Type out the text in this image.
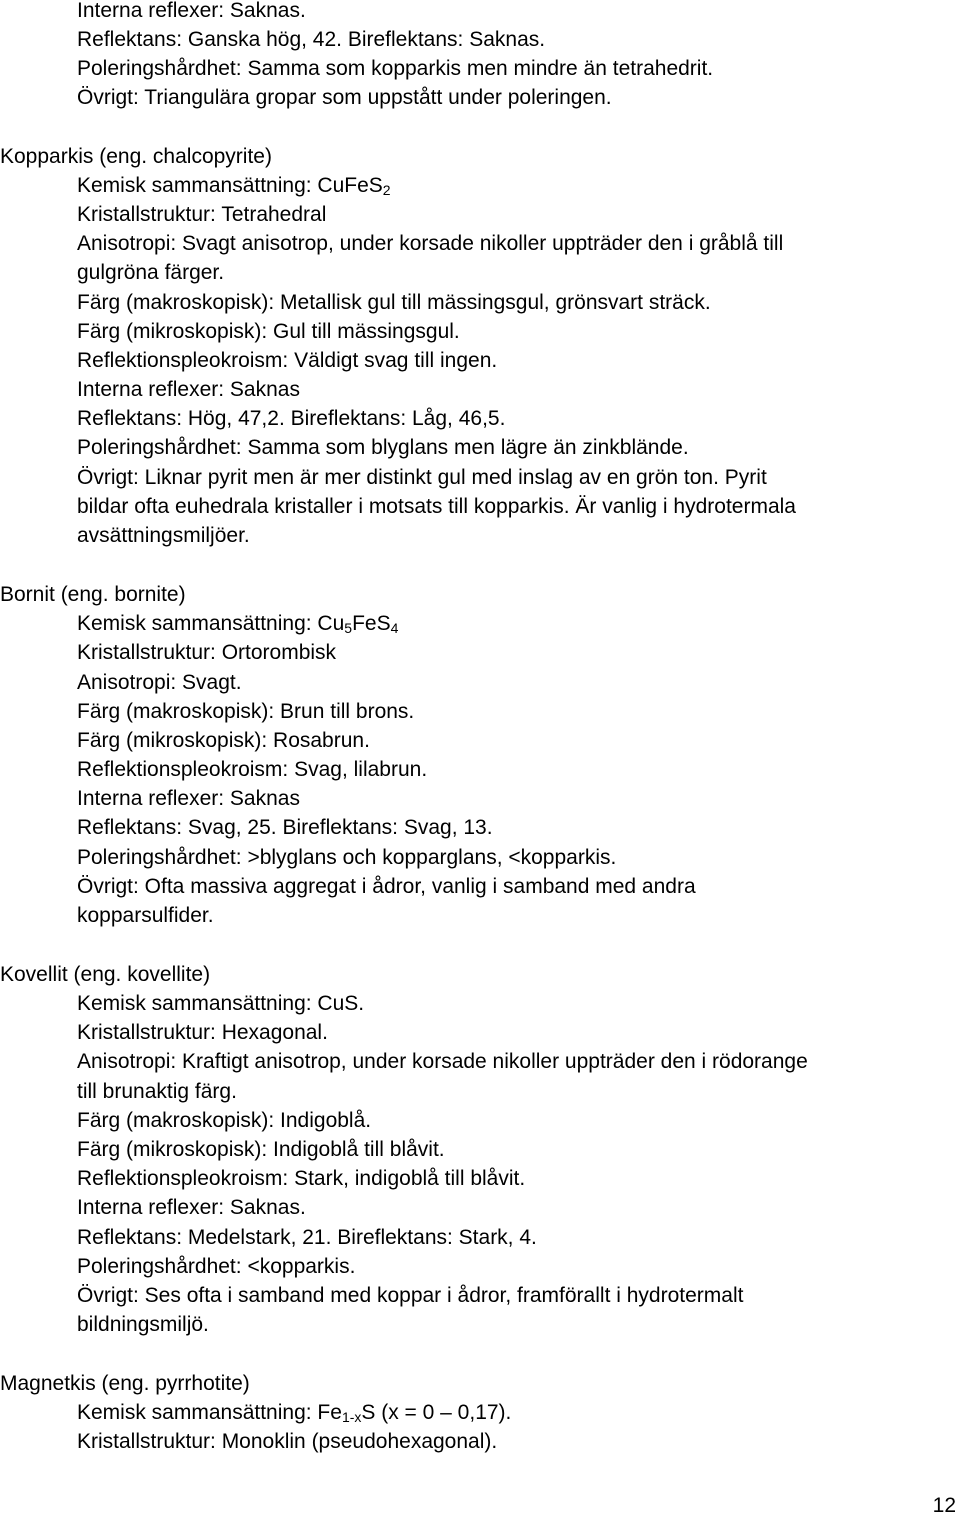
Interna reflexer: Saknas.
Reflektans: Ganska hög, 42. Bireflektans: Saknas.
Poleringshårdhet: Samma som kopparkis men mindre än tetrahedrit.
Övrigt: Triangulära gropar som uppstått under poleringen.
Kopparkis (eng. chalcopyrite)
Kemisk sammansättning: CuFeS$_2$
Kristallstruktur: Tetrahedral
Anisotropi: Svagt anisotrop, under korsade nikoller uppträder den i gråblå till
gulgröna färger.
Färg (makroskopisk): Metallisk gul till mässingsgul, grönsvart sträck.
Färg (mikroskopisk): Gul till mässingsgul.
Reflektionspleokroism: Väldigt svag till ingen.
Interna reflexer: Saknas
Reflektans: Hög, 47,2. Bireflektans: Låg, 46,5.
Poleringshårdhet: Samma som blyglans men lägre än zinkblände.
Övrigt: Liknar pyrit men är mer distinkt gul med inslag av en grön ton. Pyrit
bildar ofta euhedrala kristaller i motsats till kopparkis. Är vanlig i hydrotermala
avsättningsmiljöer.
Bornit (eng. bornite)
Kemisk sammansättning: $Cu_5FeS_4$
Kristallstruktur: Ortorombisk
Anisotropi: Svagt.
Färg (makroskopisk): Brun till brons.
Färg (mikroskopisk): Rosabrun.
Reflektionspleokroism: Svag, lilabrun.
Interna reflexer: Saknas
Reflektans: Svag, 25. Bireflektans: Svag, 13.
Poleringshårdhet: >blyglans och kopparglans, <kopparkis.
Övrigt: Ofta massiva aggregat i ådror, vanlig i samband med andra
kopparsulfider.
Kovellit (eng. kovellite)
Kemisk sammansättning: CuS.
Kristallstruktur: Hexagonal.
Anisotropi: Kraftigt anisotrop, under korsade nikoller uppträder den i rödorange
till brunaktig färg.
Färg (makroskopisk): Indigoblå.
Färg (mikroskopisk): Indigoblå till blåvit.
Reflektionspleokroism: Stark, indigoblå till blåvit.
Interna reflexer: Saknas.
Reflektans: Medelstark, 21. Bireflektans: Stark, 4.
Poleringshårdhet: <kopparkis.
Övrigt: Ses ofta i samband med koppar i ådror, framförallt i hydrotermalt
bildningsmiljö.
Magnetkis (eng. pyrrhotite)
Kemisk sammansättning: $Fe_{1-x}S$ (x = 0 – 0,17).
Kristallstruktur: Monoklin (pseudohexagonal).
12
